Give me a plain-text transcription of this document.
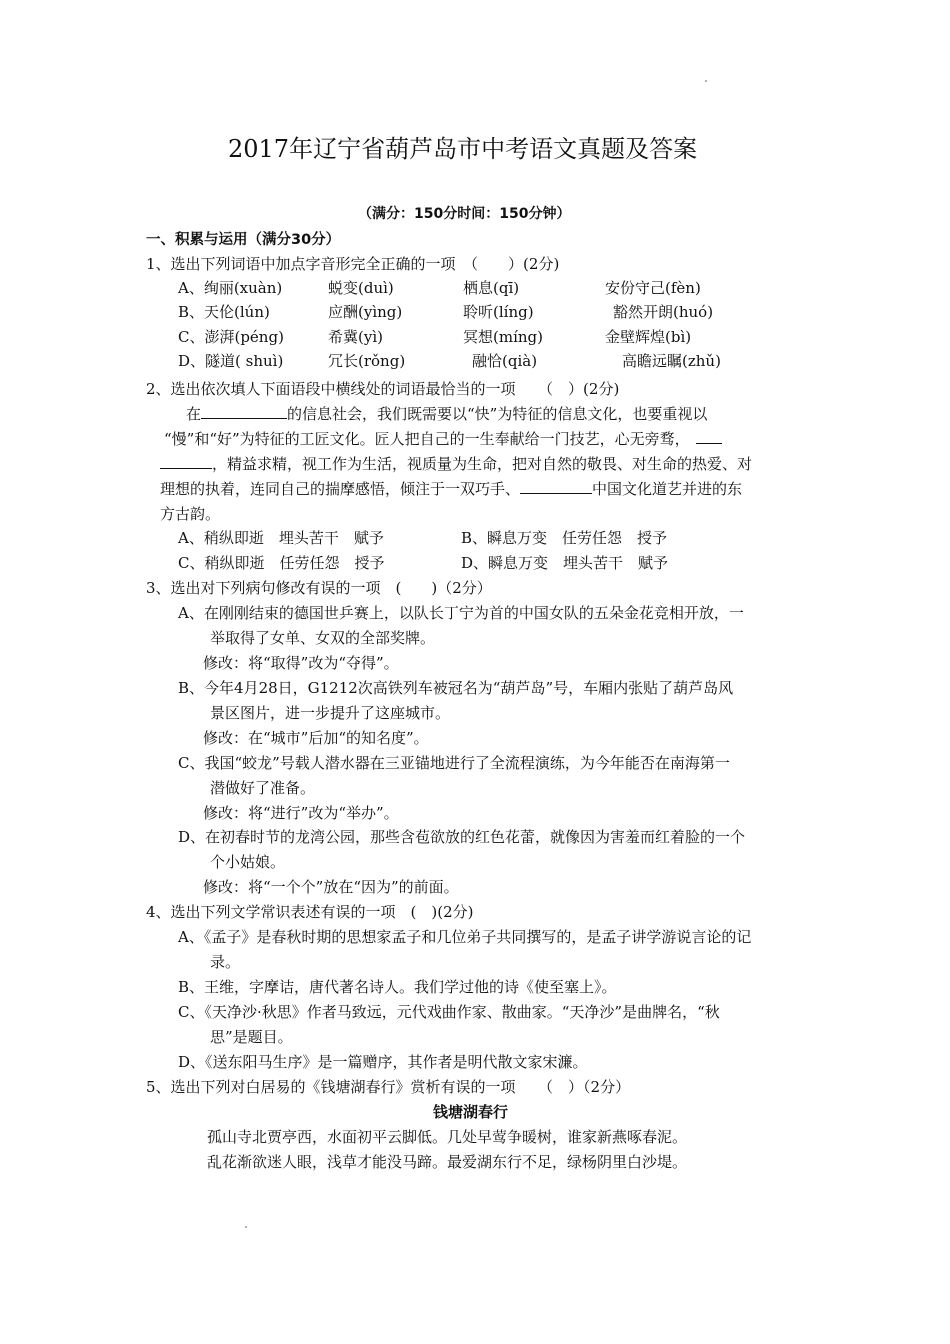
2017年辽宁省葫芦岛市中考语文真题及答案
（满分：150分时间：150分钟）
一、积累与运用（满分30分）
1、选出下列词语中加点字音形完全正确的一项　（　　）(2分)
A、绚丽(xuàn)	蜕变(duì)	栖息(qī)	安份守己(fèn)
B、天伦(lún)	应酬(yìng)	聆听(líng)	豁然开朗(huó)
C、澎湃(péng)	希冀(yì)	冥想(míng)	金壁辉煌(bì)
D、隧道( shuì)	冗长(rǒng)	融恰(qià)	高瞻远瞩(zhǔ)
2、选出依次填人下面语段中横线处的词语最恰当的一项　　（　）(2分)
在	的信息社会，我们既需要以“快”为特征的信息文化，也要重视以
“慢”和“好”为特征的工匠文化。匠人把自己的一生奉献给一门技艺，心无旁骛，
，精益求精，视工作为生活，视质量为生命，把对自然的敬畏、对生命的热爱、对
理想的执着，连同自己的揣摩感悟，倾注于一双巧手、	中国文化道艺并进的东
方古韵。
A、稍纵即逝　埋头苦干　赋予	B、瞬息万变　任劳任怨　授予
C、稍纵即逝　任劳任怨　授予	D、瞬息万变　埋头苦干　赋予
3、选出对下列病句修改有误的一项　(　　)（2分）
A、在刚刚结束的德国世乒赛上，以队长丁宁为首的中国女队的五朵金花竞相开放，一
举取得了女单、女双的全部奖牌。
修改：将“取得”改为“夺得”。
B、今年4月28日，G1212次高铁列车被冠名为“葫芦岛”号，车厢内张贴了葫芦岛风
景区图片，进一步提升了这座城市。
修改：在“城市”后加“的知名度”。
C、我国“蛟龙”号载人潜水器在三亚锚地进行了全流程演练，为今年能否在南海第一
潜做好了准备。
修改：将“进行”改为“举办”。
D、在初春时节的龙湾公园，那些含苞欲放的红色花蕾，就像因为害羞而红着脸的一个
个小姑娘。
修改：将“一个个”放在“因为”的前面。
4、选出下列文学常识表述有误的一项　(　)(2分)
A、《孟子》是春秋时期的思想家孟子和几位弟子共同撰写的，是孟子讲学游说言论的记
录。
B、王维，字摩诘，唐代著名诗人。我们学过他的诗《使至塞上》。
C、《天净沙·秋思》作者马致远，元代戏曲作家、散曲家。“天净沙”是曲牌名，“秋
思”是题目。
D、《送东阳马生序》是一篇赠序，其作者是明代散文家宋濂。
5、选出下列对白居易的《钱塘湖春行》赏析有误的一项　　（　）（2分）
钱塘湖春行
孤山寺北贾亭西，水面初平云脚低。几处早莺争暖树，谁家新燕啄春泥。
乱花渐欲迷人眼，浅草才能没马蹄。最爱湖东行不足，绿杨阴里白沙堤。
